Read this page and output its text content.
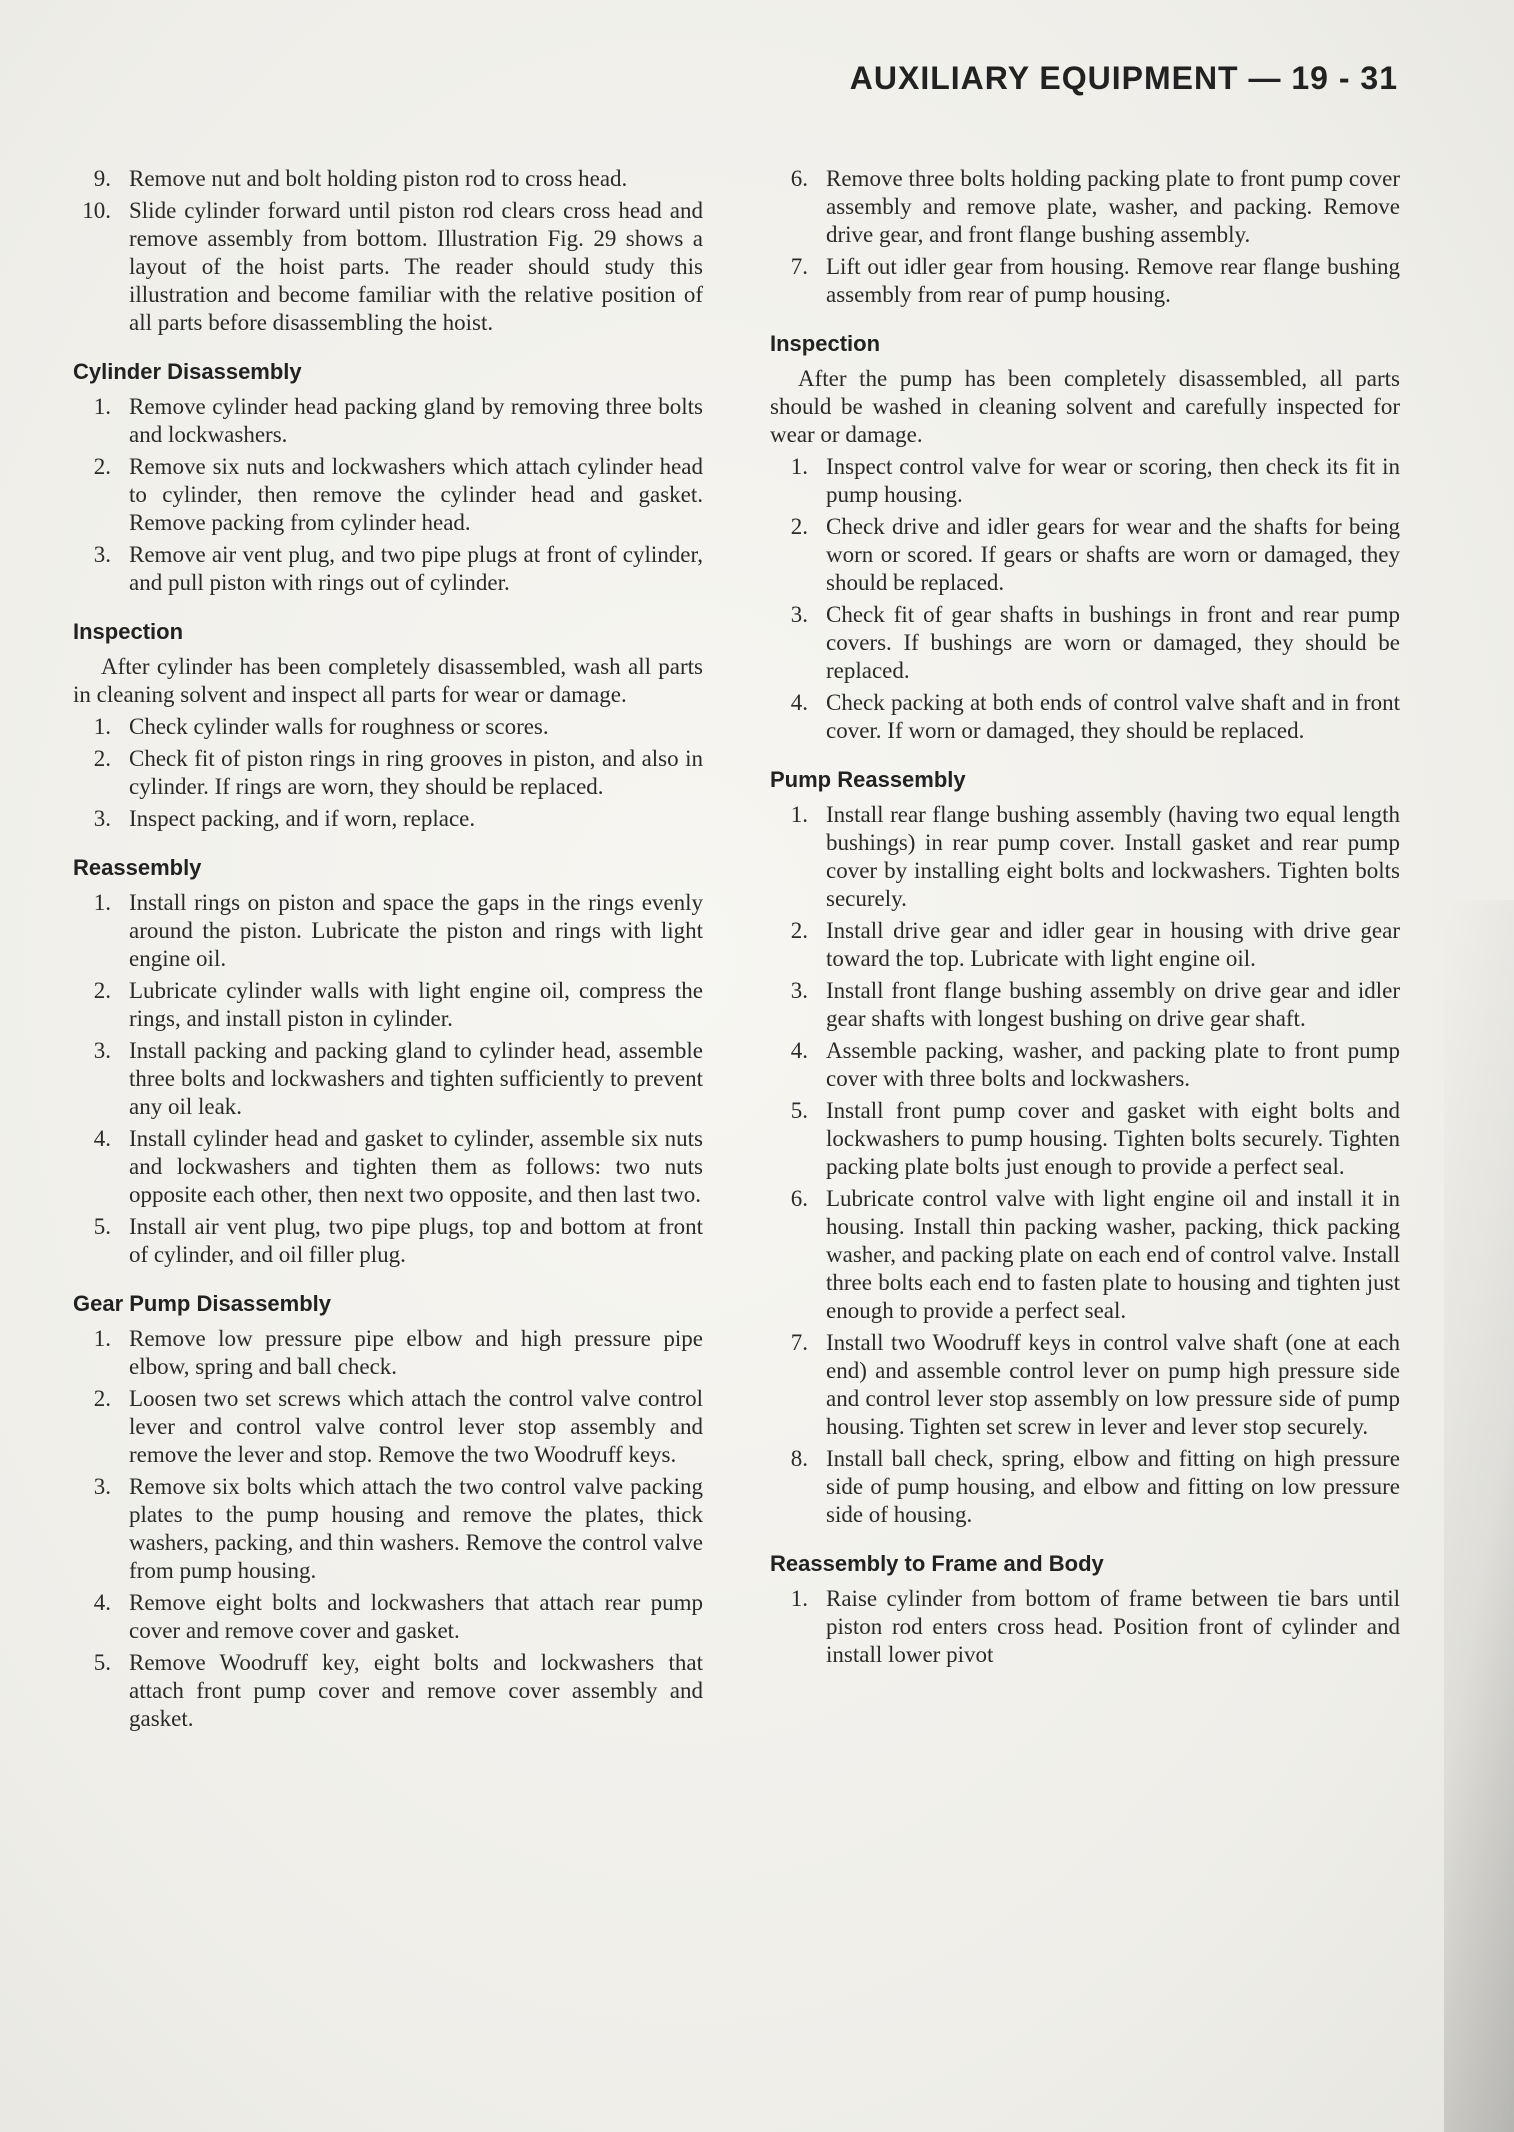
AUXILIARY EQUIPMENT — 19 - 31
9. Remove nut and bolt holding piston rod to cross head.
10. Slide cylinder forward until piston rod clears cross head and remove assembly from bottom. Illustration Fig. 29 shows a layout of the hoist parts. The reader should study this illustration and become familiar with the relative position of all parts before disassembling the hoist.
Cylinder Disassembly
1. Remove cylinder head packing gland by removing three bolts and lockwashers.
2. Remove six nuts and lockwashers which attach cylinder head to cylinder, then remove the cylinder head and gasket. Remove packing from cylinder head.
3. Remove air vent plug, and two pipe plugs at front of cylinder, and pull piston with rings out of cylinder.
Inspection

After cylinder has been completely disassembled, wash all parts in cleaning solvent and inspect all parts for wear or damage.

1. Check cylinder walls for roughness or scores.
2. Check fit of piston rings in ring grooves in piston, and also in cylinder. If rings are worn, they should be replaced.
3. Inspect packing, and if worn, replace.
Reassembly
1. Install rings on piston and space the gaps in the rings evenly around the piston. Lubricate the piston and rings with light engine oil.
2. Lubricate cylinder walls with light engine oil, compress the rings, and install piston in cylinder.
3. Install packing and packing gland to cylinder head, assemble three bolts and lockwashers and tighten sufficiently to prevent any oil leak.
4. Install cylinder head and gasket to cylinder, assemble six nuts and lockwashers and tighten them as follows: two nuts opposite each other, then next two opposite, and then last two.
5. Install air vent plug, two pipe plugs, top and bottom at front of cylinder, and oil filler plug.
Gear Pump Disassembly
1. Remove low pressure pipe elbow and high pressure pipe elbow, spring and ball check.
2. Loosen two set screws which attach the control valve control lever and control valve control lever stop assembly and remove the lever and stop. Remove the two Woodruff keys.
3. Remove six bolts which attach the two control valve packing plates to the pump housing and remove the plates, thick washers, packing, and thin washers. Remove the control valve from pump housing.
4. Remove eight bolts and lockwashers that attach rear pump cover and remove cover and gasket.
5. Remove Woodruff key, eight bolts and lockwashers that attach front pump cover and remove cover assembly and gasket.
6. Remove three bolts holding packing plate to front pump cover assembly and remove plate, washer, and packing. Remove drive gear, and front flange bushing assembly.
7. Lift out idler gear from housing. Remove rear flange bushing assembly from rear of pump housing.
Inspection

After the pump has been completely disassembled, all parts should be washed in cleaning solvent and carefully inspected for wear or damage.

1. Inspect control valve for wear or scoring, then check its fit in pump housing.
2. Check drive and idler gears for wear and the shafts for being worn or scored. If gears or shafts are worn or damaged, they should be replaced.
3. Check fit of gear shafts in bushings in front and rear pump covers. If bushings are worn or damaged, they should be replaced.
4. Check packing at both ends of control valve shaft and in front cover. If worn or damaged, they should be replaced.
Pump Reassembly
1. Install rear flange bushing assembly (having two equal length bushings) in rear pump cover. Install gasket and rear pump cover by installing eight bolts and lockwashers. Tighten bolts securely.
2. Install drive gear and idler gear in housing with drive gear toward the top. Lubricate with light engine oil.
3. Install front flange bushing assembly on drive gear and idler gear shafts with longest bushing on drive gear shaft.
4. Assemble packing, washer, and packing plate to front pump cover with three bolts and lockwashers.
5. Install front pump cover and gasket with eight bolts and lockwashers to pump housing. Tighten bolts securely. Tighten packing plate bolts just enough to provide a perfect seal.
6. Lubricate control valve with light engine oil and install it in housing. Install thin packing washer, packing, thick packing washer, and packing plate on each end of control valve. Install three bolts each end to fasten plate to housing and tighten just enough to provide a perfect seal.
7. Install two Woodruff keys in control valve shaft (one at each end) and assemble control lever on pump high pressure side and control lever stop assembly on low pressure side of pump housing. Tighten set screw in lever and lever stop securely.
8. Install ball check, spring, elbow and fitting on high pressure side of pump housing, and elbow and fitting on low pressure side of housing.
Reassembly to Frame and Body
1. Raise cylinder from bottom of frame between tie bars until piston rod enters cross head. Position front of cylinder and install lower pivot
